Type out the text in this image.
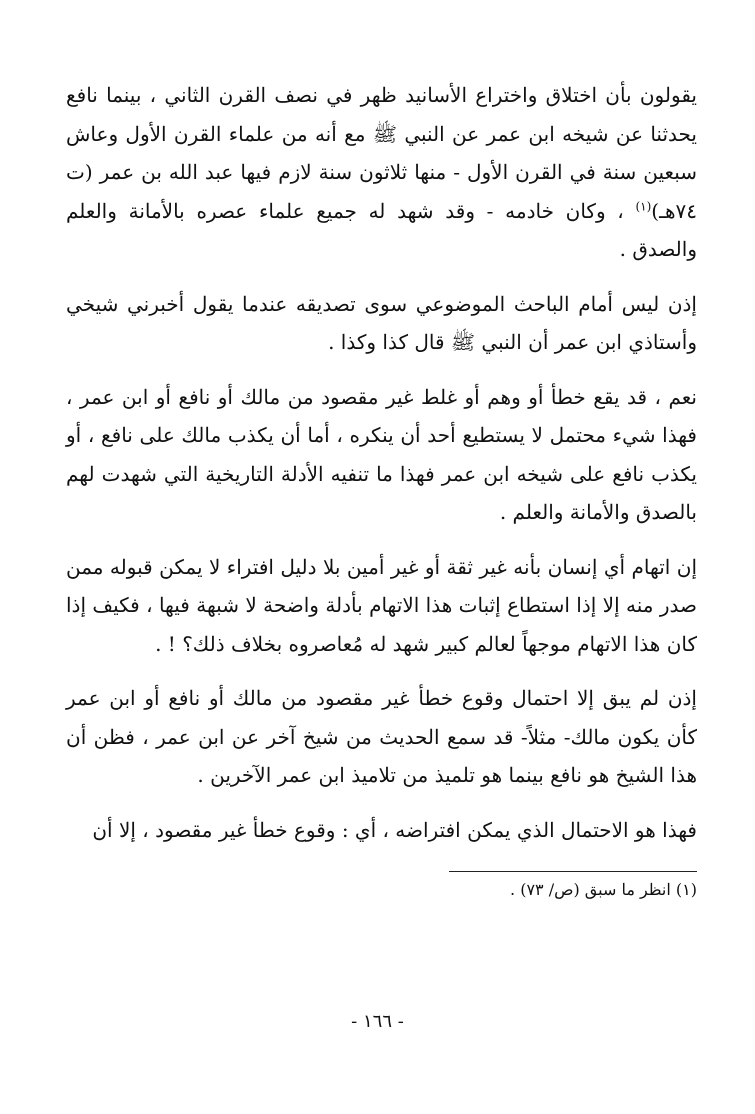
يقولون بأن اختلاق واختراع الأسانيد ظهر في نصف القرن الثاني ، بينما نافع يحدثنا عن شيخه ابن عمر عن النبي ﷺ مع أنه من علماء القرن الأول وعاش سبعين سنة في القرن الأول - منها ثلاثون سنة لازم فيها عبد الله بن عمر (ت ٧٤هـ)$^{(١)}$ ، وكان خادمه - وقد شهد له جميع علماء عصره بالأمانة والعلم والصدق .

إذن ليس أمام الباحث الموضوعي سوى تصديقه عندما يقول أخبرني شيخي وأستاذي ابن عمر أن النبي ﷺ قال كذا وكذا .

نعم ، قد يقع خطأ أو وهم أو غلط غير مقصود من مالك أو نافع أو ابن عمر ، فهذا شيء محتمل لا يستطيع أحد أن ينكره ، أما أن يكذب مالك على نافع ، أو يكذب نافع على شيخه ابن عمر فهذا ما تنفيه الأدلة التاريخية التي شهدت لهم بالصدق والأمانة والعلم .

إن اتهام أي إنسان بأنه غير ثقة أو غير أمين بلا دليل افتراء لا يمكن قبوله ممن صدر منه إلا إذا استطاع إثبات هذا الاتهام بأدلة واضحة لا شبهة فيها ، فكيف إذا كان هذا الاتهام موجهاً لعالم كبير شهد له مُعاصروه بخلاف ذلك؟ ! .

إذن لم يبق إلا احتمال وقوع خطأ غير مقصود من مالك أو نافع أو ابن عمر كأن يكون مالك- مثلاً- قد سمع الحديث من شيخ آخر عن ابن عمر ، فظن أن هذا الشيخ هو نافع بينما هو تلميذ من تلاميذ ابن عمر الآخرين .

فهذا هو الاحتمال الذي يمكن افتراضه ، أي : وقوع خطأ غير مقصود ، إلا أن

(١) انظر ما سبق (ص/ ٧٣) .
- ١٦٦ -
